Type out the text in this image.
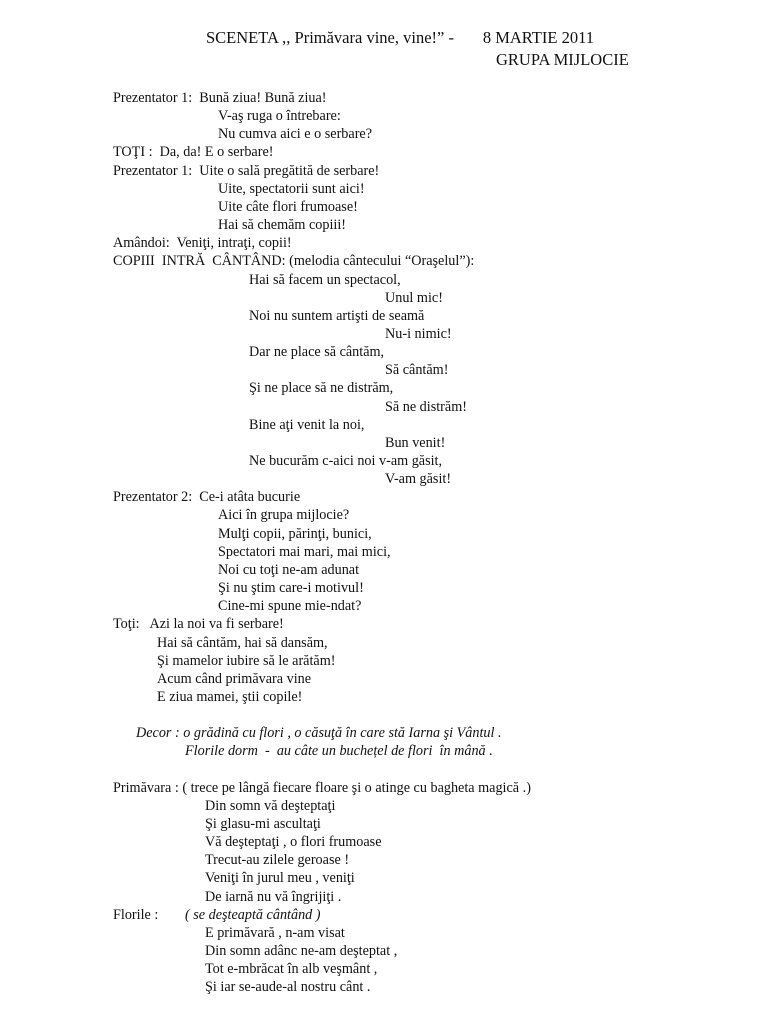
SCENETA ,, Primăvara vine, vine!” -       8 MARTIE 2011
GRUPA MIJLOCIE
Prezentator 1:  Bună ziua! Bună ziua!
V-aş ruga o întrebare:
Nu cumva aici e o serbare?
TOŢI :  Da, da! E o serbare!
Prezentator 1:  Uite o sală pregătită de serbare!
Uite, spectatorii sunt aici!
Uite câte flori frumoase!
Hai să chemăm copiii!
Amândoi:  Veniţi, intraţi, copii!
COPIII  INTRĂ  CÂNTÂND: (melodia cântecului “Oraşelul”):
Hai să facem un spectacol,
Unul mic!
Noi nu suntem artişti de seamă
Nu-i nimic!
Dar ne place să cântăm,
Să cântăm!
Şi ne place să ne distrăm,
Să ne distrăm!
Bine aţi venit la noi,
Bun venit!
Ne bucurăm c-aici noi v-am găsit,
V-am găsit!
Prezentator 2:  Ce-i atâta bucurie
Aici în grupa mijlocie?
Mulţi copii, părinţi, bunici,
Spectatori mai mari, mai mici,
Noi cu toţi ne-am adunat
Şi nu ştim care-i motivul!
Cine-mi spune mie-ndat?
Toţi:   Azi la noi va fi serbare!
Hai să cântăm, hai să dansăm,
Şi mamelor iubire să le arătăm!
Acum când primăvara vine
E ziua mamei, ştii copile!
Decor : o grădină cu flori , o căsuţă în care stă Iarna şi Vântul .
Florile dorm  -  au câte un buchețel de flori  în mână .
Primăvara : ( trece pe lângă fiecare floare şi o atinge cu bagheta magică .)
Din somn vă deşteptaţi
Şi glasu-mi ascultaţi
Vă deşteptaţi , o flori frumoase
Trecut-au zilele geroase !
Veniţi în jurul meu , veniţi
De iarnă nu vă îngrijiţi .
Florile :
E primăvară , n-am visat
Din somn adânc ne-am deşteptat ,
Tot e-mbrăcat în alb veşmânt ,
Şi iar se-aude-al nostru cânt .
( se deşteaptă cântând )
